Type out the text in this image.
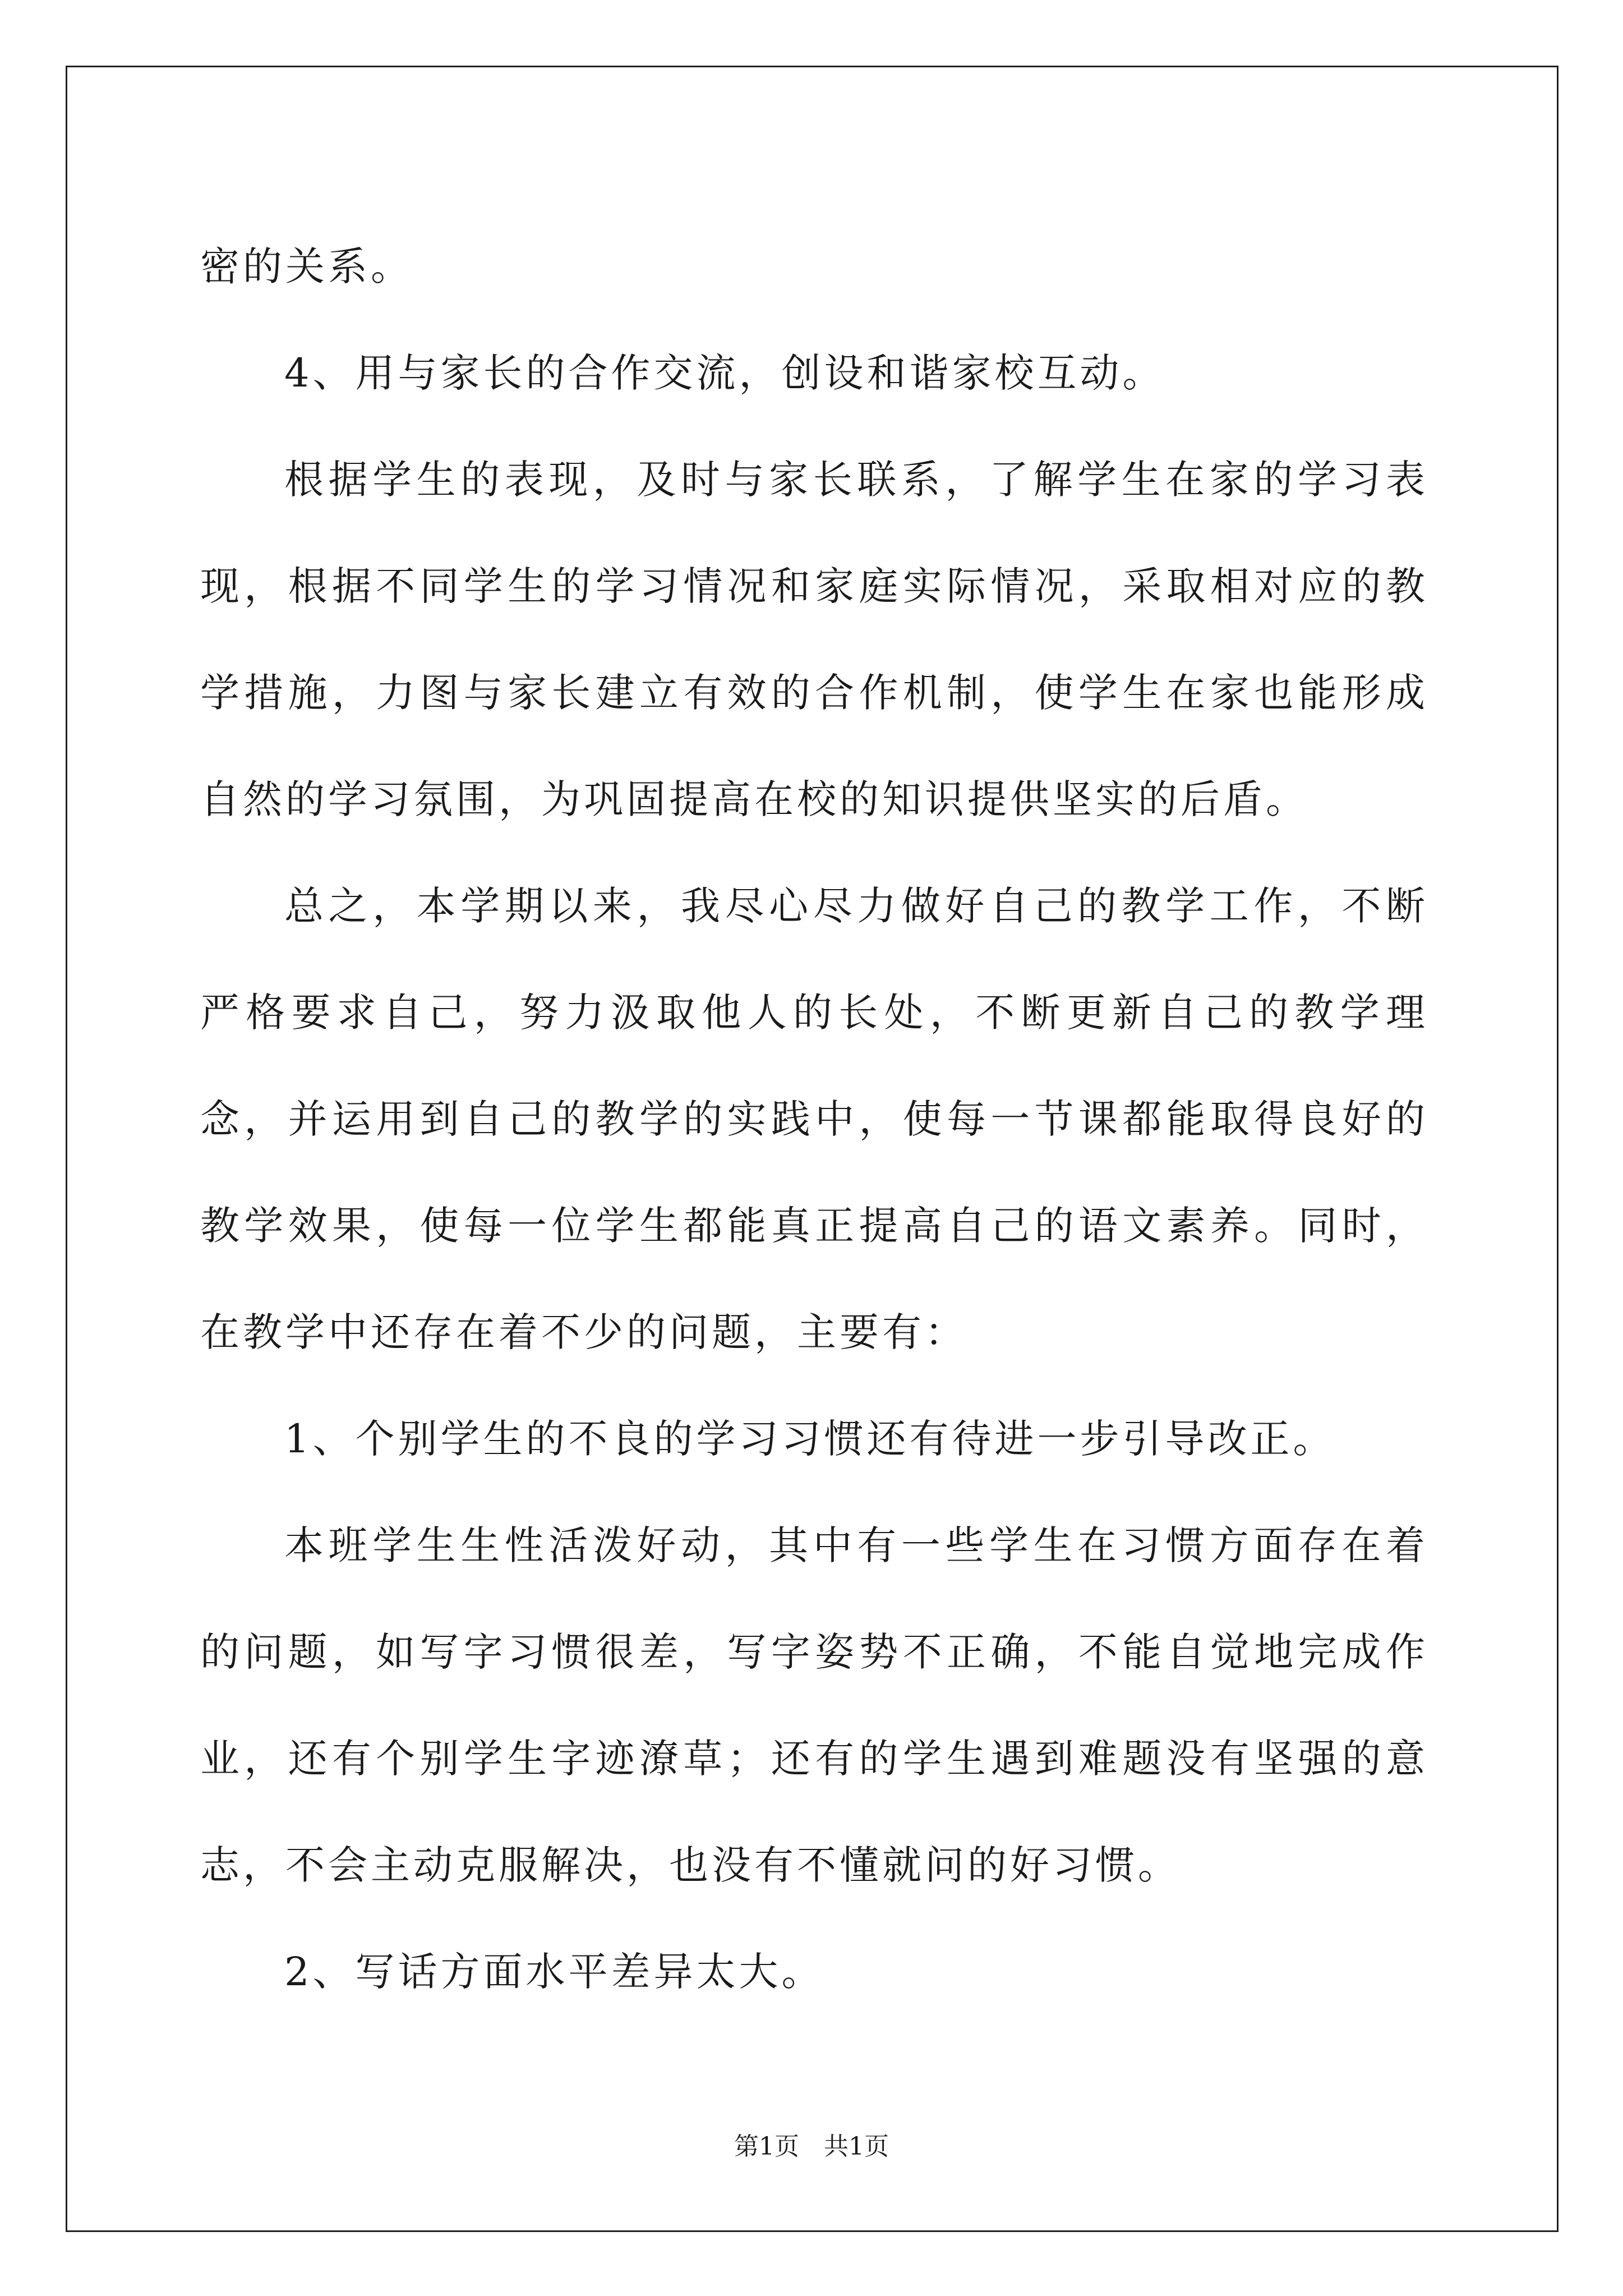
密的关系。

4、用与家长的合作交流，创设和谐家校互动。

根据学生的表现，及时与家长联系，了解学生在家的学习表现，根据不同学生的学习情况和家庭实际情况，采取相对应的教学措施，力图与家长建立有效的合作机制，使学生在家也能形成自然的学习氛围，为巩固提高在校的知识提供坚实的后盾。

总之，本学期以来，我尽心尽力做好自己的教学工作，不断严格要求自己，努力汲取他人的长处，不断更新自己的教学理念，并运用到自己的教学的实践中，使每一节课都能取得良好的教学效果，使每一位学生都能真正提高自己的语文素养。同时，在教学中还存在着不少的问题，主要有：

1、个别学生的不良的学习习惯还有待进一步引导改正。

本班学生生性活泼好动，其中有一些学生在习惯方面存在着的问题，如写字习惯很差，写字姿势不正确，不能自觉地完成作业，还有个别学生字迹潦草；还有的学生遇到难题没有坚强的意志，不会主动克服解决，也没有不懂就问的好习惯。

2、写话方面水平差异太大。

第1页　共1页
